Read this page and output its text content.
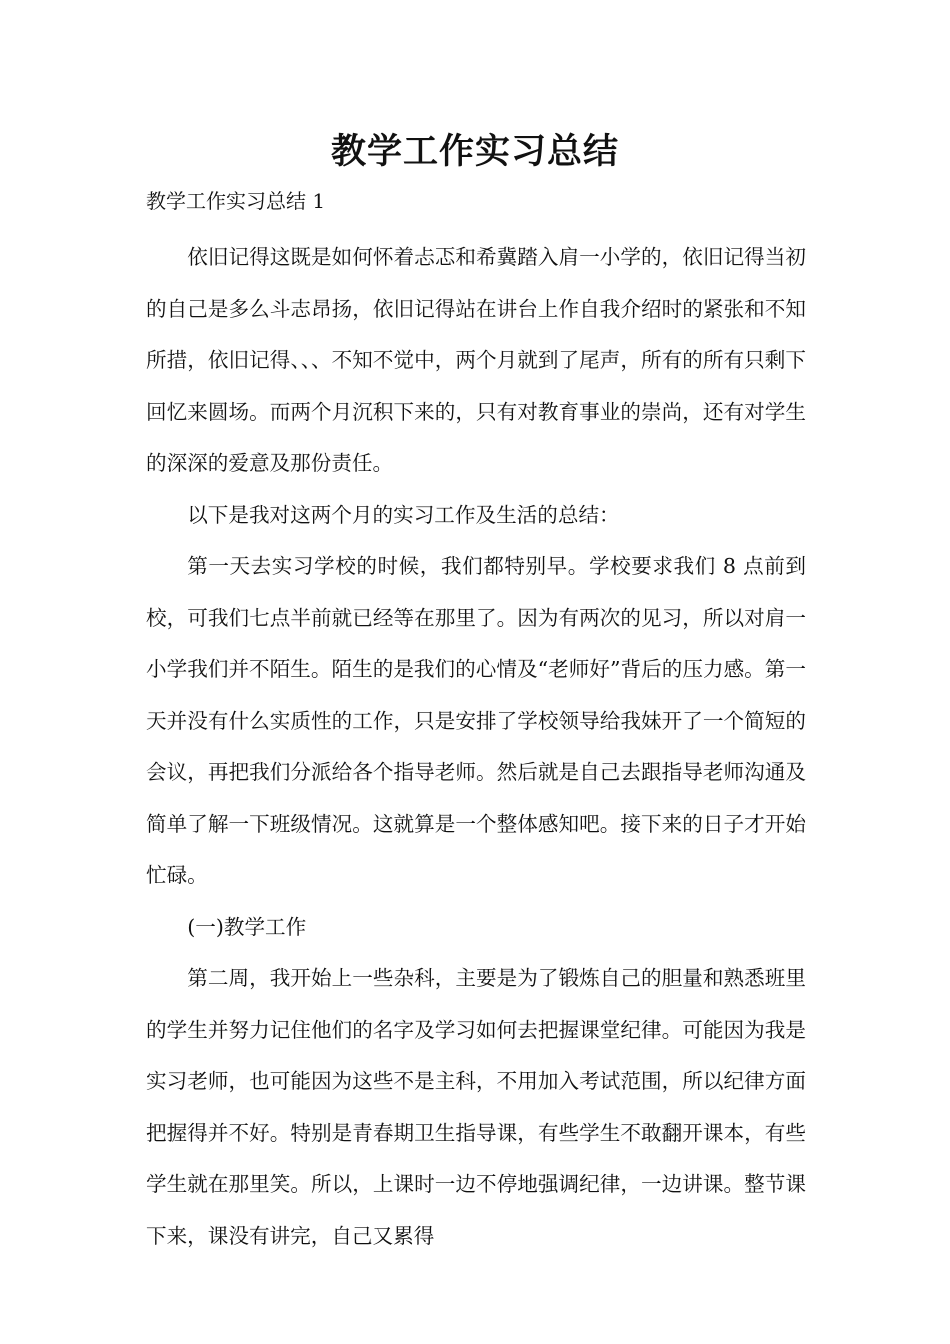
教学工作实习总结
教学工作实习总结 1

依旧记得这既是如何怀着忐忑和希冀踏入肩一小学的，依旧记得当初的自己是多么斗志昂扬，依旧记得站在讲台上作自我介绍时的紧张和不知所措，依旧记得、、、不知不觉中，两个月就到了尾声，所有的所有只剩下回忆来圆场。而两个月沉积下来的，只有对教育事业的崇尚，还有对学生的深深的爱意及那份责任。

以下是我对这两个月的实习工作及生活的总结：

第一天去实习学校的时候，我们都特别早。学校要求我们 8 点前到校，可我们七点半前就已经等在那里了。因为有两次的见习，所以对肩一小学我们并不陌生。陌生的是我们的心情及“老师好”背后的压力感。第一天并没有什么实质性的工作，只是安排了学校领导给我妹开了一个简短的会议，再把我们分派给各个指导老师。然后就是自己去跟指导老师沟通及简单了解一下班级情况。这就算是一个整体感知吧。接下来的日子才开始忙碌。

(一)教学工作

第二周，我开始上一些杂科，主要是为了锻炼自己的胆量和熟悉班里的学生并努力记住他们的名字及学习如何去把握课堂纪律。可能因为我是实习老师，也可能因为这些不是主科，不用加入考试范围，所以纪律方面把握得并不好。特别是青春期卫生指导课，有些学生不敢翻开课本，有些学生就在那里笑。所以，上课时一边不停地强调纪律，一边讲课。整节课下来，课没有讲完，自己又累得
